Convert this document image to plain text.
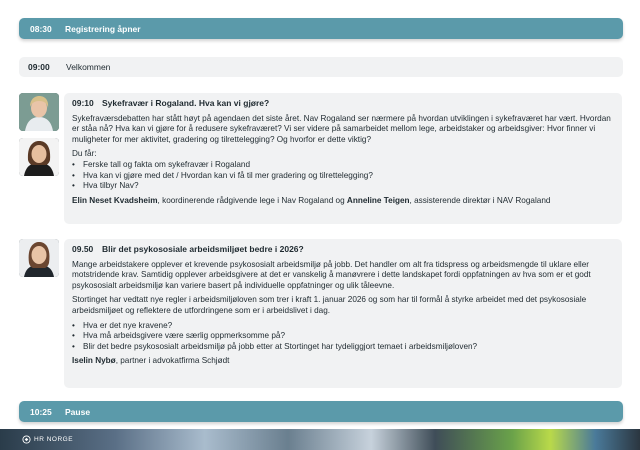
08:30	Registrering åpner
09:00	Velkommen
09:10 Sykefravær i Rogaland. Hva kan vi gjøre?

Sykefraværsdebatten har stått høyt på agendaen det siste året. Nav Rogaland ser nærmere på hvordan utviklingen i sykefraværet har vært. Hvordan er ståa nå? Hva kan vi gjøre for å redusere sykefraværet? Vi ser videre på samarbeidet mellom lege, arbeidstaker og arbeidsgiver: Hvor finner vi muligheter for mer aktivitet, gradering og tilrettelegging? Og hvorfor er dette viktig?

Du får:

• Ferske tall og fakta om sykefravær i Rogaland
• Hva kan vi gjøre med det / Hvordan kan vi få til mer gradering og tilrettelegging?
• Hva tilbyr Nav?

Elin Neset Kvadsheim, koordinerende rådgivende lege i Nav Rogaland og Anneline Teigen, assisterende direktør i NAV Rogaland

09.50 Blir det psykososiale arbeidsmiljøet bedre i 2026?

Mange arbeidstakere opplever et krevende psykososialt arbeidsmiljø på jobb. Det handler om alt fra tidspress og arbeidsmengde til uklare eller motstridende krav. Samtidig opplever arbeidsgivere at det er vanskelig å manøvrere i dette landskapet fordi oppfatningen av hva som er et godt psykososialt arbeidsmiljø kan variere basert på individuelle oppfatninger og ulik tåleevne.

Stortinget har vedtatt nye regler i arbeidsmiljøloven som trer i kraft 1. januar 2026 og som har til formål å styrke arbeidet med det psykososiale arbeidsmiljøet og reflektere de utfordringene som er i arbeidslivet i dag.

• Hva er det nye kravene?
• Hva må arbeidsgivere være særlig oppmerksomme på?
• Blir det bedre psykososialt arbeidsmiljø på jobb etter at Stortinget har tydeliggjort temaet i arbeidsmiljøloven?

Iselin Nybø, partner i advokatfirma Schjødt

10:25	Pause
HR NORGE
